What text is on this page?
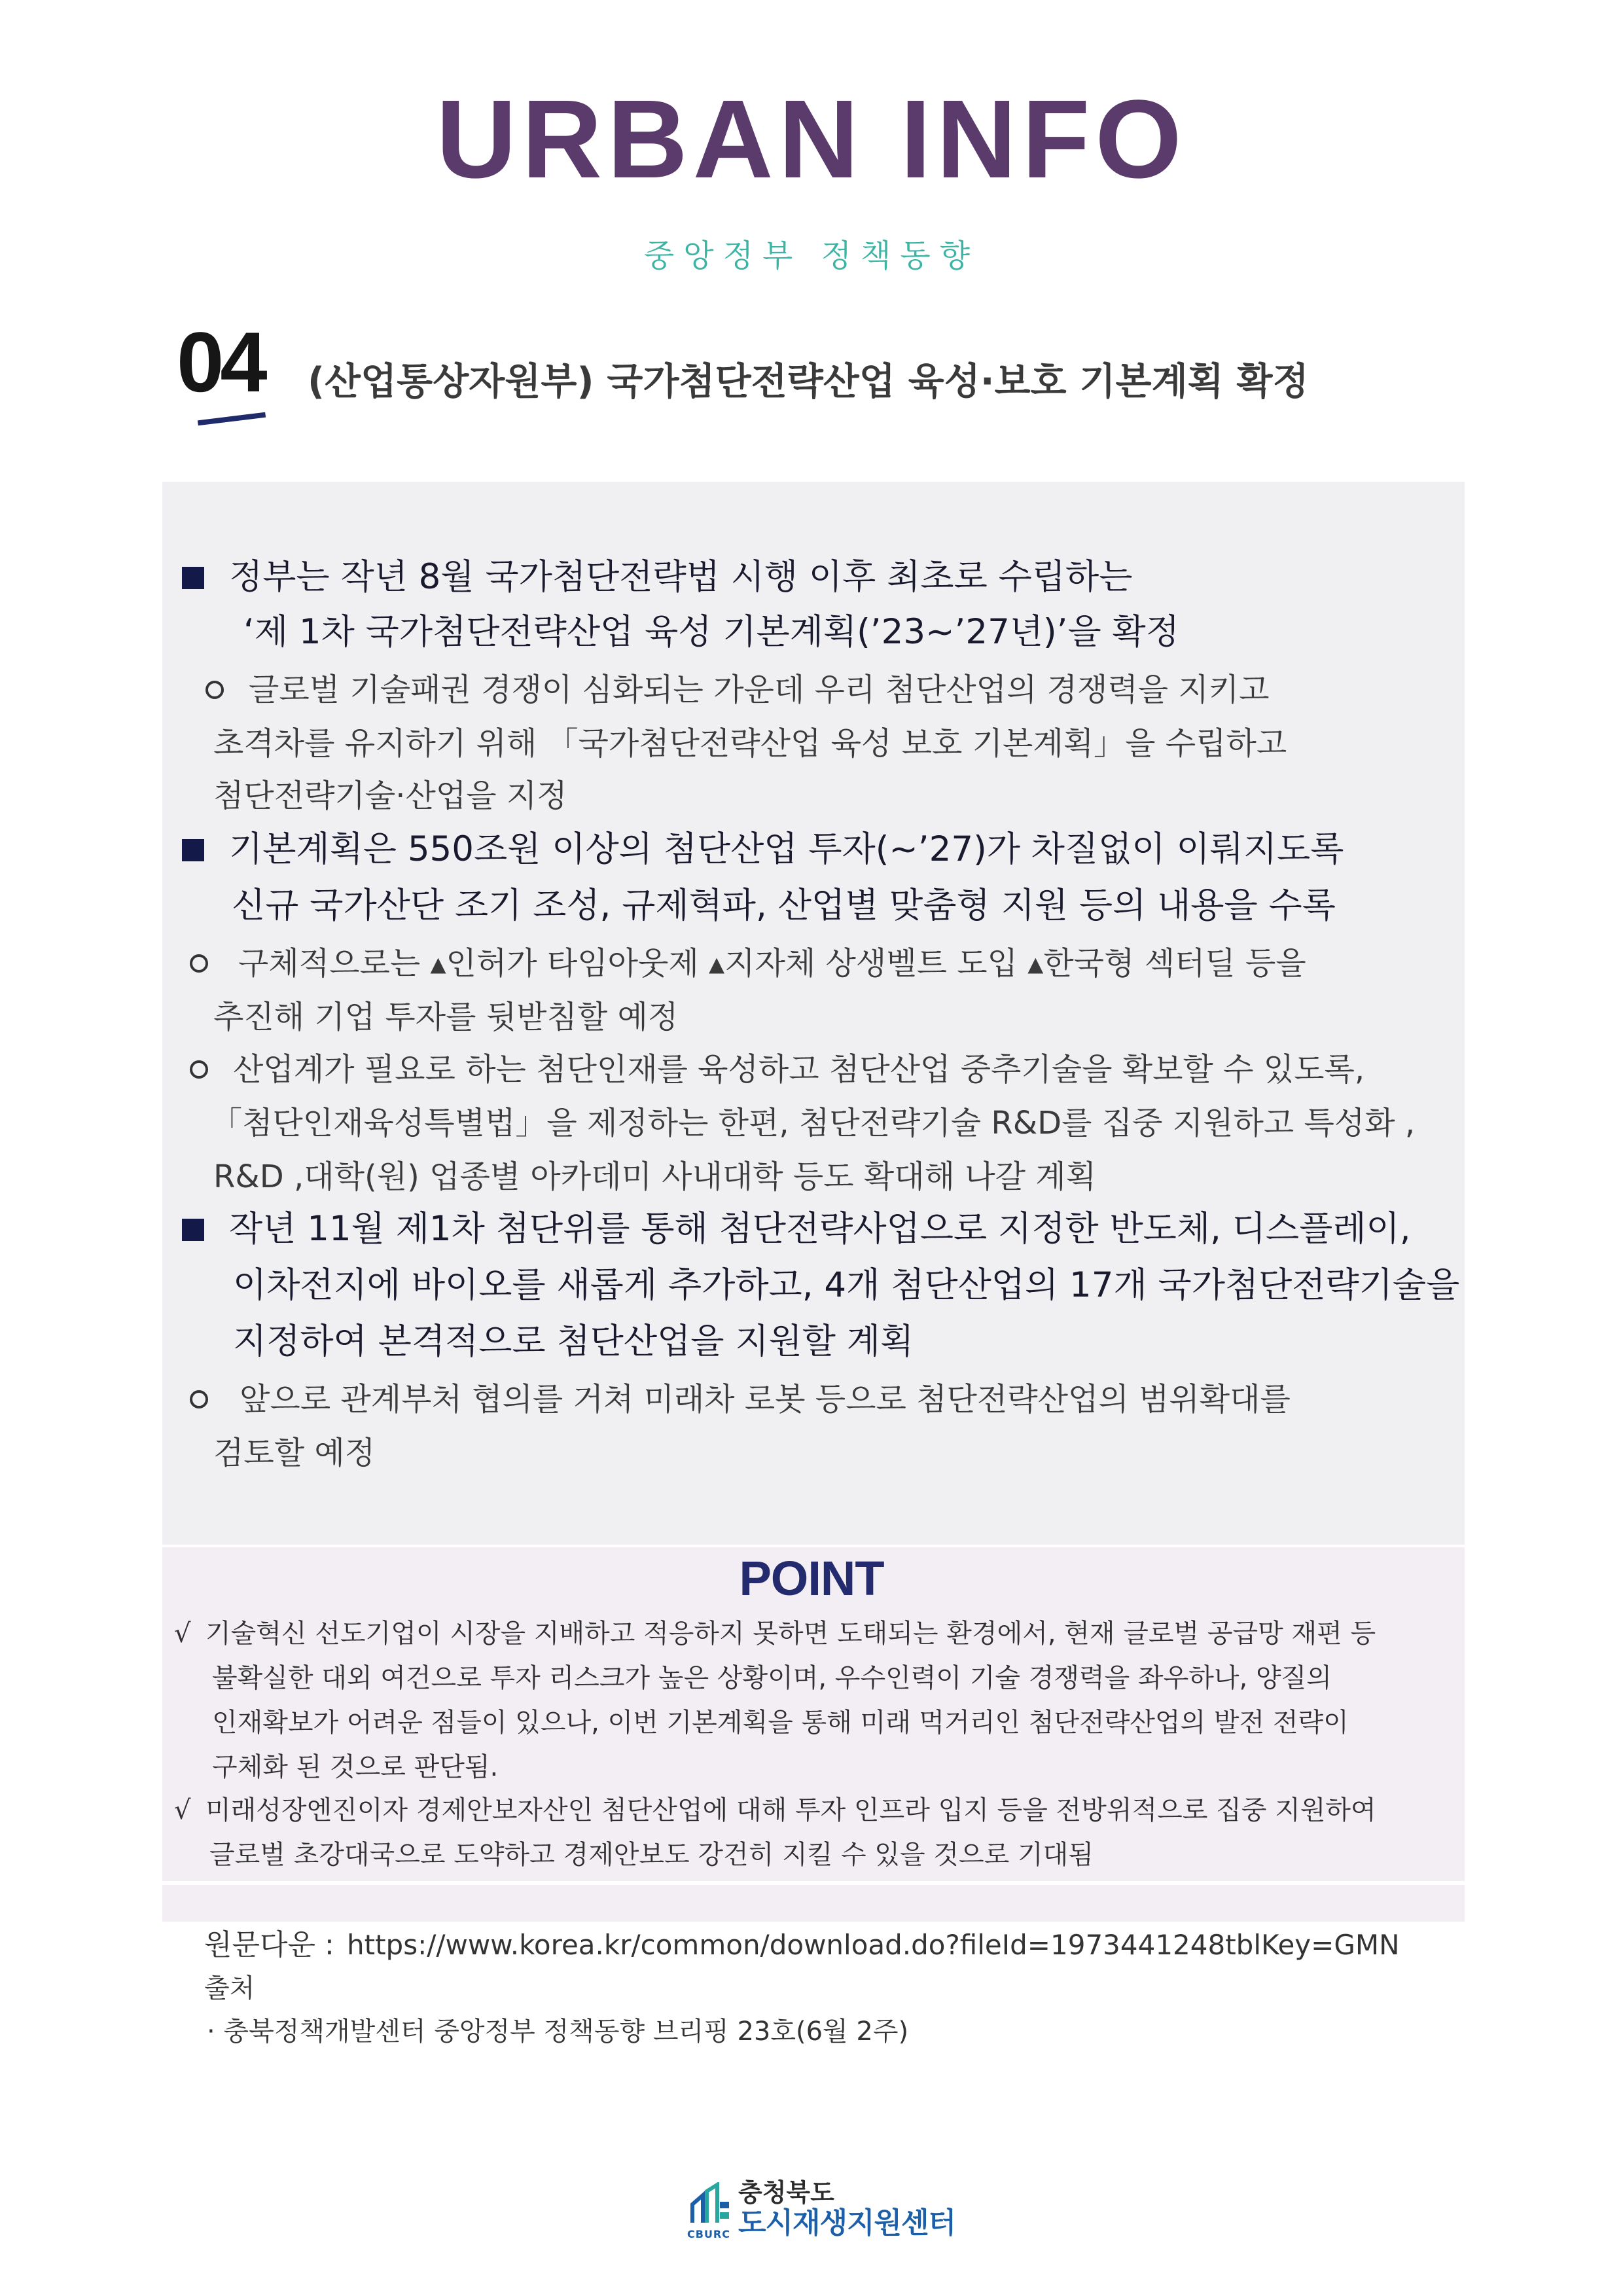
URBAN INFO
중앙정부 정책동향
04 (산업통상자원부) 국가첨단전략산업 육성·보호 기본계획 확정
정부는 작년 8월 국가첨단전략법 시행 이후 최초로 수립하는
‘제 1차 국가첨단전략산업 육성 기본계획(’23~’27년)’을 확정
글로벌 기술패권 경쟁이 심화되는 가운데 우리 첨단산업의 경쟁력을 지키고
초격차를 유지하기 위해 「국가첨단전략산업 육성 보호 기본계획」을 수립하고
첨단전략기술·산업을 지정
기본계획은 550조원 이상의 첨단산업 투자(~’27)가 차질없이 이뤄지도록
신규 국가산단 조기 조성, 규제혁파, 산업별 맞춤형 지원 등의 내용을 수록
구체적으로는 ▴인허가 타임아웃제 ▴지자체 상생벨트 도입 ▴한국형 섹터딜 등을
추진해 기업 투자를 뒷받침할 예정
산업계가 필요로 하는 첨단인재를 육성하고 첨단산업 중추기술을 확보할 수 있도록,
「첨단인재육성특별법」을 제정하는 한편, 첨단전략기술 R&D를 집중 지원하고 특성화 ,
R&D ,대학(원) 업종별 아카데미 사내대학 등도 확대해 나갈 계획
작년 11월 제1차 첨단위를 통해 첨단전략사업으로 지정한 반도체, 디스플레이,
이차전지에 바이오를 새롭게 추가하고, 4개 첨단산업의 17개 국가첨단전략기술을
지정하여 본격적으로 첨단산업을 지원할 계획
앞으로 관계부처 협의를 거쳐 미래차 로봇 등으로 첨단전략산업의 범위확대를
검토할 예정
POINT
√ 기술혁신 선도기업이 시장을 지배하고 적응하지 못하면 도태되는 환경에서, 현재 글로벌 공급망 재편 등
불확실한 대외 여건으로 투자 리스크가 높은 상황이며, 우수인력이 기술 경쟁력을 좌우하나, 양질의
인재확보가 어려운 점들이 있으나, 이번 기본계획을 통해 미래 먹거리인 첨단전략산업의 발전 전략이
구체화 된 것으로 판단됨.
√ 미래성장엔진이자 경제안보자산인 첨단산업에 대해 투자 인프라 입지 등을 전방위적으로 집중 지원하여
글로벌 초강대국으로 도약하고 경제안보도 강건히 지킬 수 있을 것으로 기대됨
원문다운 : https://www.korea.kr/common/download.do?fileId=1973441248tblKey=GMN
출처
· 충북정책개발센터 중앙정부 정책동향 브리핑 23호(6월 2주)
CBURC
충청북도
도시재생지원센터
